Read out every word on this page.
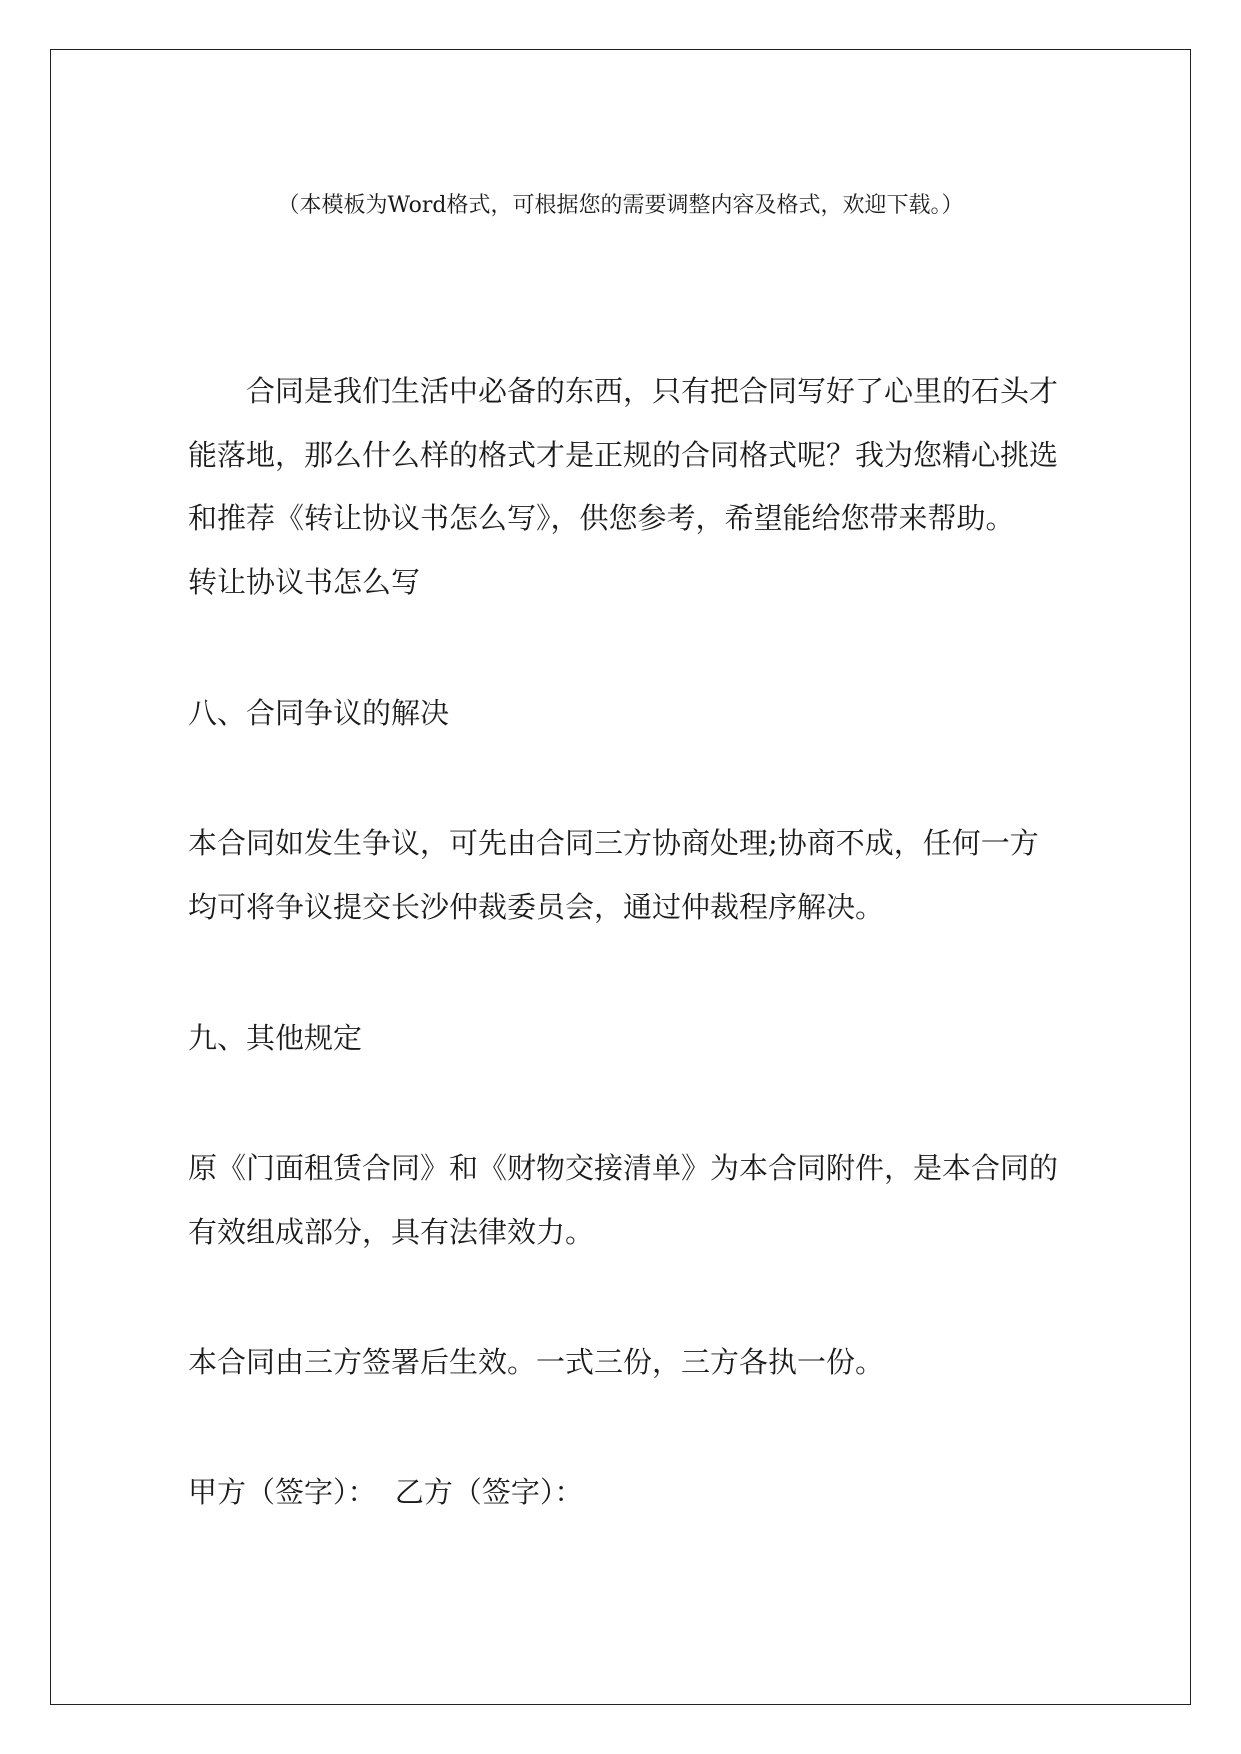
（本模板为Word格式，可根据您的需要调整内容及格式，欢迎下载。）
合同是我们生活中必备的东西，只有把合同写好了心里的石头才
能落地，那么什么样的格式才是正规的合同格式呢？我为您精心挑选
和推荐《转让协议书怎么写》，供您参考，希望能给您带来帮助。
转让协议书怎么写
八、合同争议的解决
本合同如发生争议，可先由合同三方协商处理;协商不成，任何一方
均可将争议提交长沙仲裁委员会，通过仲裁程序解决。
九、其他规定
原《门面租赁合同》和《财物交接清单》为本合同附件，是本合同的
有效组成部分，具有法律效力。
本合同由三方签署后生效。一式三份，三方各执一份。
甲方（签字）：  乙方（签字）：
